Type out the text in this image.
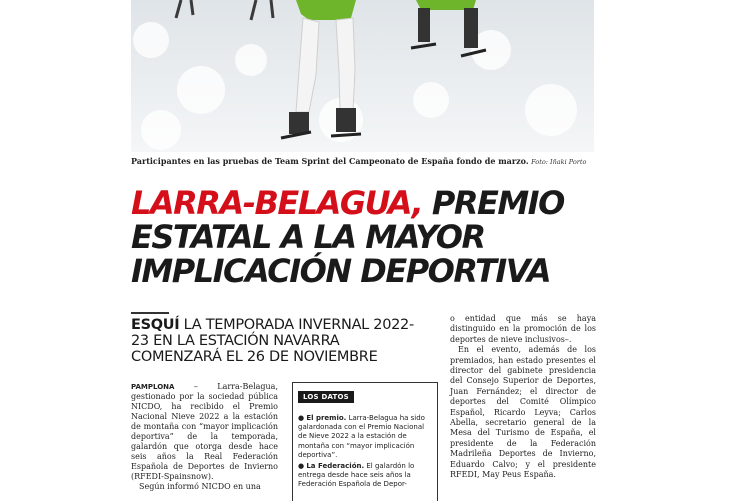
Participantes en las pruebas de Team Sprint del Campeonato de España fondo de marzo. Foto: Iñaki Porto
LARRA-BELAGUA, PREMIO ESTATAL A LA MAYOR IMPLICACIÓN DEPORTIVA
ESQUÍ LA TEMPORADA INVERNAL 2022-23 EN LA ESTACIÓN NAVARRA COMENZARÁ EL 26 DE NOVIEMBRE

PAMPLONA – Larra-Belagua, gestionado por la sociedad pública NICDO, ha recibido el Premio Nacional Nieve 2022 a la estación de montaña con “mayor implicación deportiva” de la temporada, galardón que otorga desde hace seis años la Real Federación Española de Deportes de Invierno (RFEDI-Spainsnow).

Según informó NICDO en una

LOS DATOS

● El premio. Larra-Belagua ha sido galardonada con el Premio Nacional de Nieve 2022 a la estación de montaña con “mayor implicación deportiva”.

● La Federación. El galardón lo entrega desde hace seis años la Federación Española de Depor-

o entidad que más se haya distinguido en la promoción de los deportes de nieve inclusivos–.

En el evento, además de los premiados, han estado presentes el director del gabinete presidencia del Consejo Superior de Deportes, Juan Fernández; el director de deportes del Comité Olímpico Español, Ricardo Leyva; Carlos Abella, secretario general de la Mesa del Turismo de España, el presidente de la Federación Madrileña Deportes de Invierno, Eduardo Calvo; y el presidente RFEDI, May Peus España.
